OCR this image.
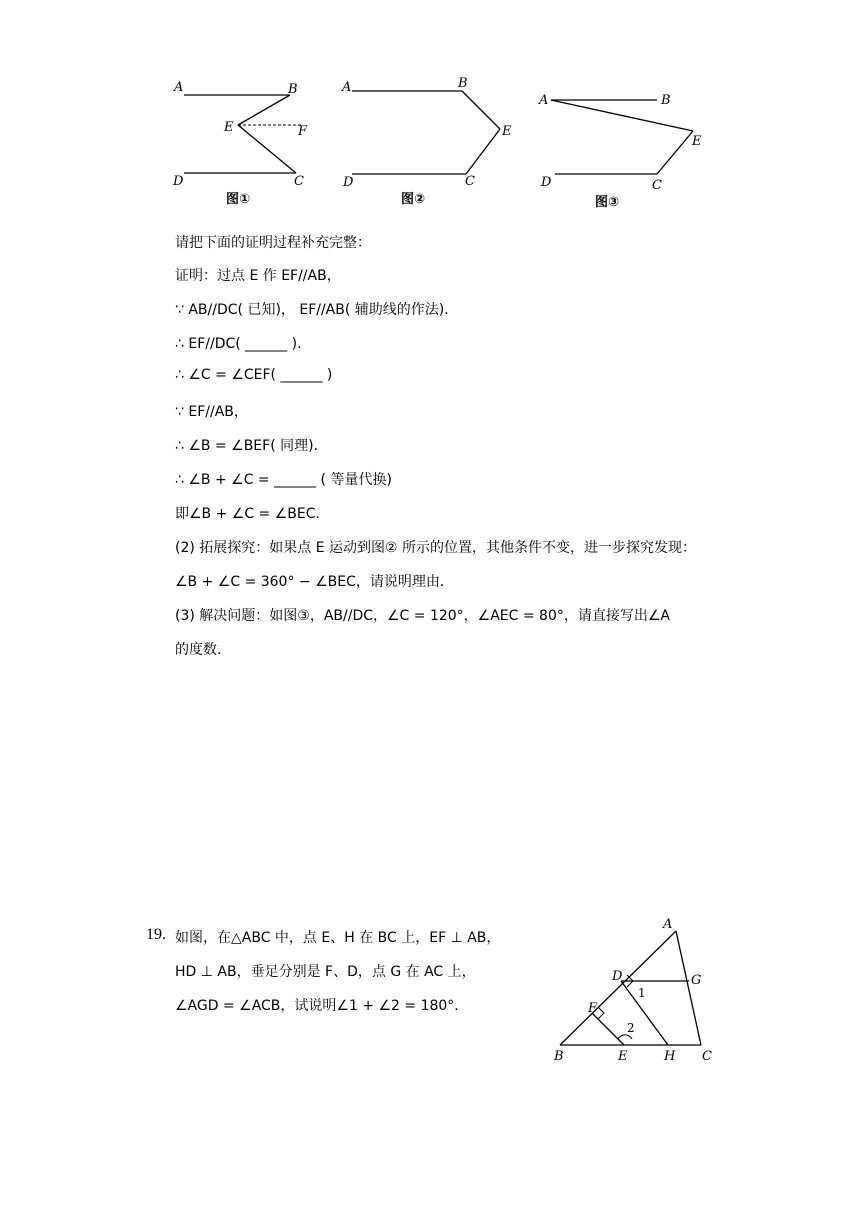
A	B
E	F
D	C
图①
A	B
E
D	C
图②
A	B
E
D	C
图③
请把下面的证明过程补充完整：
证明：过点 E 作 EF//AB，
∵ AB//DC( 已知)， EF//AB( 辅助线的作法)．
∴ EF//DC( ______ )．
∴ ∠C = ∠CEF( ______ )
∵ EF//AB，
∴ ∠B = ∠BEF( 同理)．
∴ ∠B + ∠C = ______ ( 等量代换)
即∠B + ∠C = ∠BEC．
(2) 拓展探究：如果点 E 运动到图② 所示的位置，其他条件不变，进一步探究发现：
∠B + ∠C = 360° − ∠BEC，请说明理由．
(3) 解决问题：如图③，AB//DC，∠C = 120°，∠AEC = 80°，请直接写出∠A
的度数．
19. 如图，在△ABC 中，点 E、H 在 BC 上，EF ⊥ AB，
HD ⊥ AB，垂足分别是 F、D，点 G 在 AC 上，
∠AGD = ∠ACB，试说明∠1 + ∠2 = 180°．
A
B	C
D
E
F
G
H
1
2
